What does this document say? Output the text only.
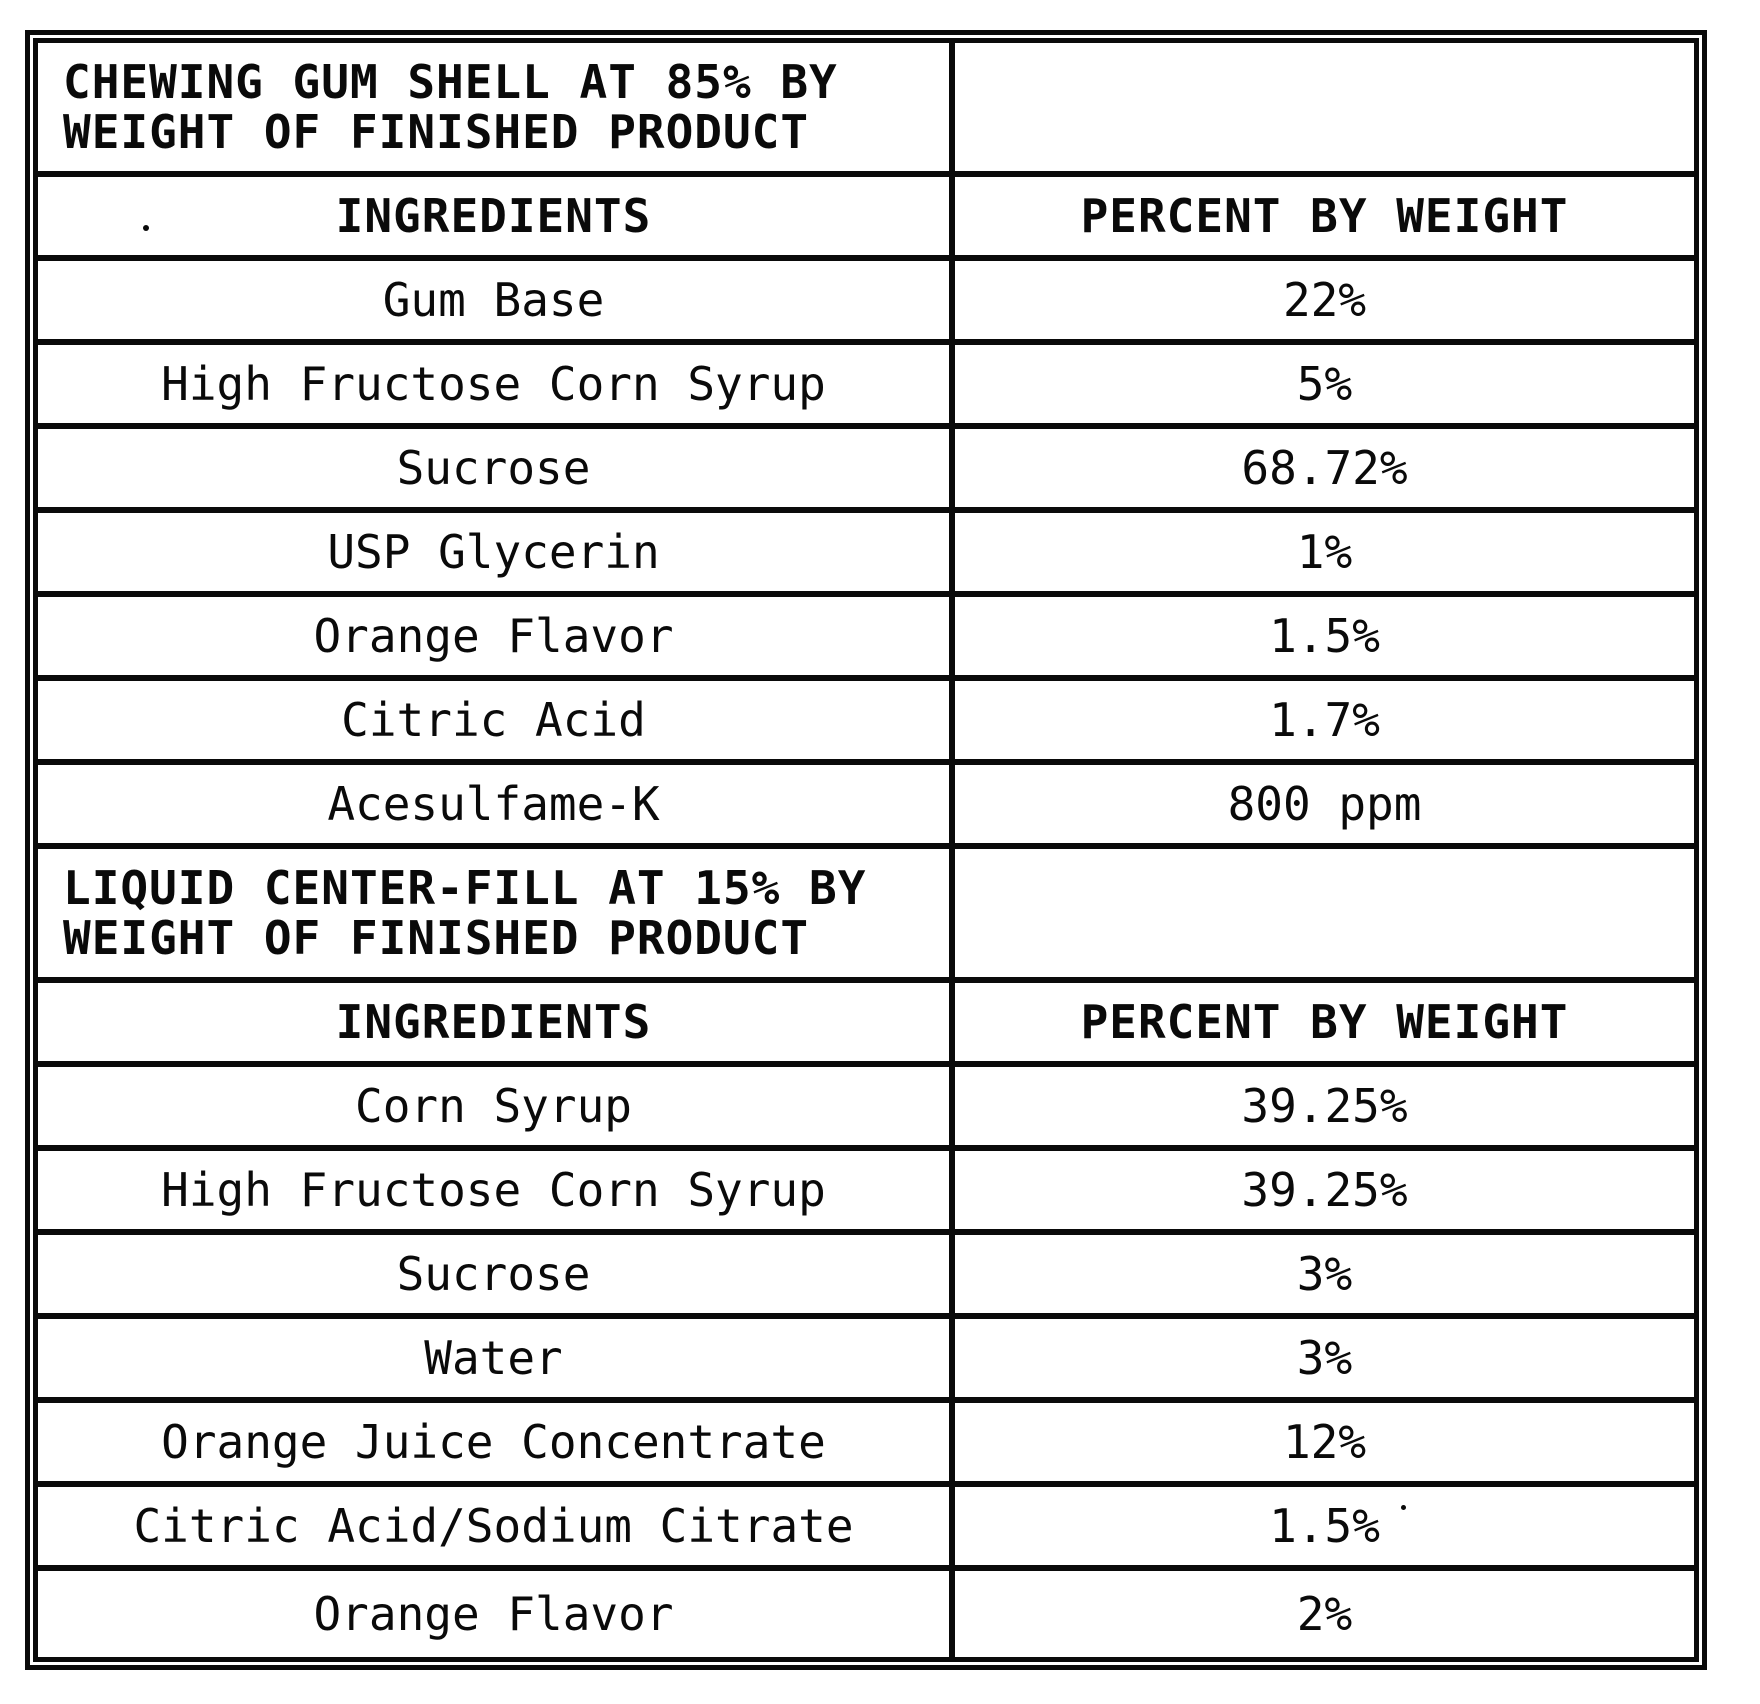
CHEWING GUM SHELL AT 85% BY
WEIGHT OF FINISHED PRODUCT
INGREDIENTS	PERCENT BY WEIGHT
Gum Base	22%
High Fructose Corn Syrup	5%
Sucrose	68.72%
USP Glycerin	1%
Orange Flavor	1.5%
Citric Acid	1.7%
Acesulfame-K	800 ppm
LIQUID CENTER-FILL AT 15% BY
WEIGHT OF FINISHED PRODUCT
INGREDIENTS	PERCENT BY WEIGHT
Corn Syrup	39.25%
High Fructose Corn Syrup	39.25%
Sucrose	3%
Water	3%
Orange Juice Concentrate	12%
Citric Acid/Sodium Citrate	1.5%
Orange Flavor	2%
